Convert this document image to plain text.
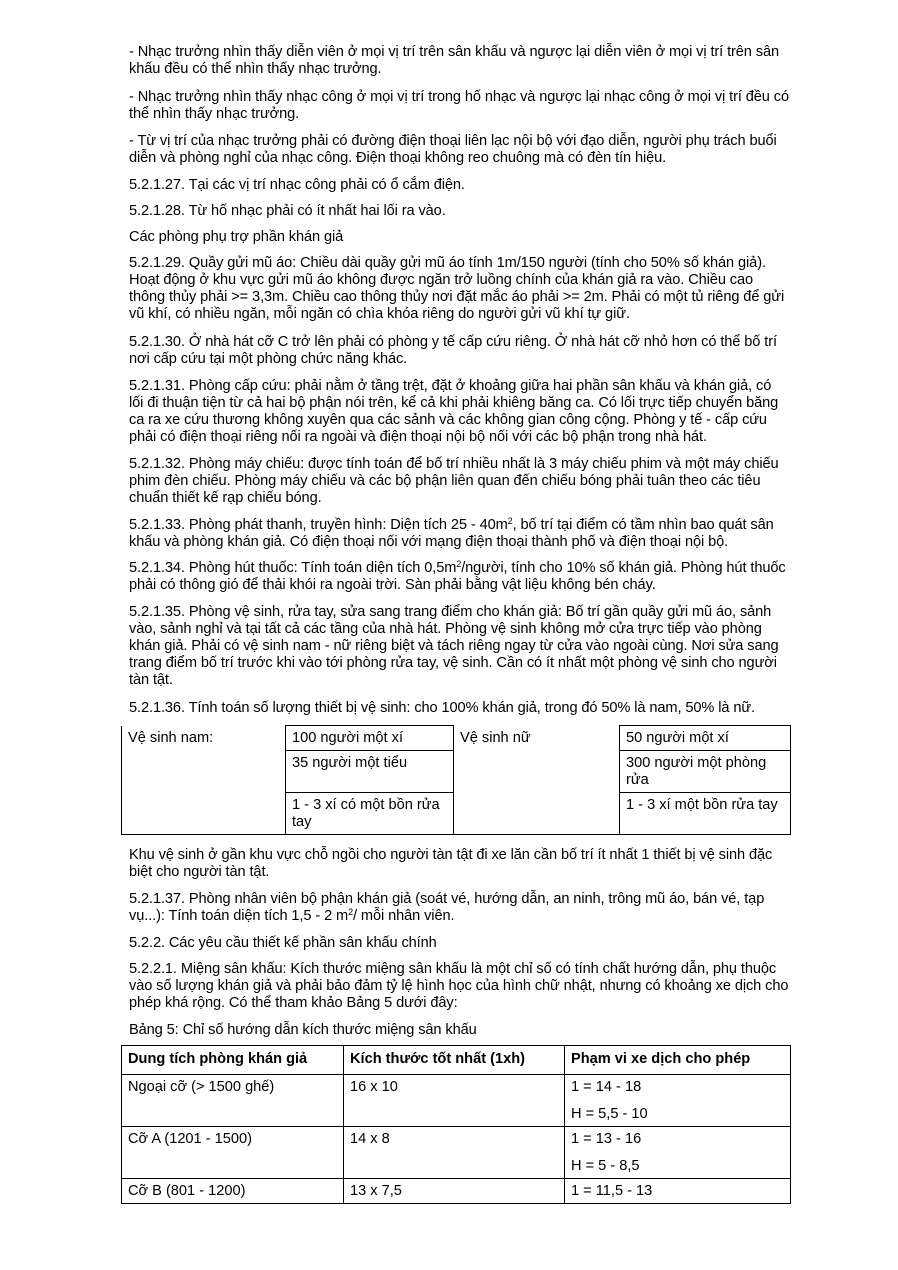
- Nhạc trưởng nhìn thấy diễn viên ở mọi vị trí trên sân khấu và ngược lại diễn viên ở mọi vị trí trên sân khấu đều có thể nhìn thấy nhạc trưởng.

- Nhạc trưởng nhìn thấy nhạc công ở mọi vị trí trong hố nhạc và ngược lại nhạc công ở mọi vị trí đều có thể nhìn thấy nhạc trưởng.

- Từ vị trí của nhạc trưởng phải có đường điện thoại liên lạc nội bộ với đạo diễn, người phụ trách buổi diễn và phòng nghỉ của nhạc công. Điện thoại không reo chuông mà có đèn tín hiệu.

5.2.1.27. Tại các vị trí nhạc công phải có ổ cắm điện.

5.2.1.28. Từ hố nhạc phải có ít nhất hai lối ra vào.

Các phòng phụ trợ phần khán giả

5.2.1.29. Quầy gửi mũ áo: Chiều dài quầy gửi mũ áo tính 1m/150 người (tính cho 50% số khán giả). Hoạt động ở khu vực gửi mũ áo không được ngăn trở luồng chính của khán giả ra vào. Chiều cao thông thủy phải >= 3,3m. Chiều cao thông thủy nơi đặt mắc áo phải >= 2m. Phải có một tủ riêng để gửi vũ khí, có nhiều ngăn, mỗi ngăn có chìa khóa riêng do người gửi vũ khí tự giữ.

5.2.1.30. Ở nhà hát cỡ C trở lên phải có phòng y tế cấp cứu riêng. Ở nhà hát cỡ nhỏ hơn có thể bố trí nơi cấp cứu tại một phòng chức năng khác.

5.2.1.31. Phòng cấp cứu: phải nằm ở tầng trệt, đặt ở khoảng giữa hai phần sân khấu và khán giả, có lối đi thuận tiện từ cả hai bộ phận nói trên, kể cả khi phải khiêng băng ca. Có lối trực tiếp chuyển băng ca ra xe cứu thương không xuyên qua các sảnh và các không gian công cộng. Phòng y tế - cấp cứu phải có điện thoại riêng nối ra ngoài và điện thoại nội bộ nối với các bộ phận trong nhà hát.

5.2.1.32. Phòng máy chiếu: được tính toán để bố trí nhiều nhất là 3 máy chiếu phim và một máy chiếu phim đèn chiếu. Phòng máy chiếu và các bộ phận liên quan đến chiếu bóng phải tuân theo các tiêu chuẩn thiết kế rạp chiếu bóng.

5.2.1.33. Phòng phát thanh, truyền hình: Diện tích $25 - 40m^2$, bố trí tại điểm có tầm nhìn bao quát sân khấu và phòng khán giả. Có điện thoại nối với mạng điện thoại thành phố và điện thoại nội bộ.

5.2.1.34. Phòng hút thuốc: Tính toán diện tích $0,5m^2$/người, tính cho 10% số khán giả. Phòng hút thuốc phải có thông gió để thải khói ra ngoài trời. Sàn phải bằng vật liệu không bén cháy.

5.2.1.35. Phòng vệ sinh, rửa tay, sửa sang trang điểm cho khán giả: Bố trí gần quầy gửi mũ áo, sảnh vào, sảnh nghỉ và tại tất cả các tầng của nhà hát. Phòng vệ sinh không mở cửa trực tiếp vào phòng khán giả. Phải có vệ sinh nam - nữ riêng biệt và tách riêng ngay từ cửa vào ngoài cùng. Nơi sửa sang trang điểm bố trí trước khi vào tới phòng rửa tay, vệ sinh. Cần có ít nhất một phòng vệ sinh cho người tàn tật.

5.2.1.36. Tính toán số lượng thiết bị vệ sinh: cho 100% khán giả, trong đó 50% là nam, 50% là nữ.

Vệ sinh nam:	100 người một xí	Vệ sinh nữ	50 người một xí
	35 người một tiểu		300 người một phòng rửa
	1 - 3 xí có một bồn rửa tay		1 - 3 xí một bồn rửa tay

Khu vệ sinh ở gần khu vực chỗ ngồi cho người tàn tật đi xe lăn cần bố trí ít nhất 1 thiết bị vệ sinh đặc biệt cho người tàn tật.

5.2.1.37. Phòng nhân viên bộ phận khán giả (soát vé, hướng dẫn, an ninh, trông mũ áo, bán vé, tạp vụ...): Tính toán diện tích 1,5 - 2 $m^2/$ mỗi nhân viên.

5.2.2. Các yêu cầu thiết kế phần sân khấu chính

5.2.2.1. Miệng sân khấu: Kích thước miệng sân khấu là một chỉ số có tính chất hướng dẫn, phụ thuộc vào số lượng khán giả và phải bảo đảm tỷ lệ hình học của hình chữ nhật, nhưng có khoảng xe dịch cho phép khá rộng. Có thể tham khảo Bảng 5 dưới đây:

Bảng 5: Chỉ số hướng dẫn kích thước miệng sân khấu

Dung tích phòng khán giả	Kích thước tốt nhất (1xh)	Phạm vi xe dịch cho phép
Ngoại cỡ (> 1500 ghế)	16 x 10	1 = 14 - 18
H = 5,5 - 10

Cỡ A (1201 - 1500)	14 x 8	1 = 13 - 16
H = 5 - 8,5

Cỡ B (801 - 1200)	13 x 7,5	1 = 11,5 - 13
